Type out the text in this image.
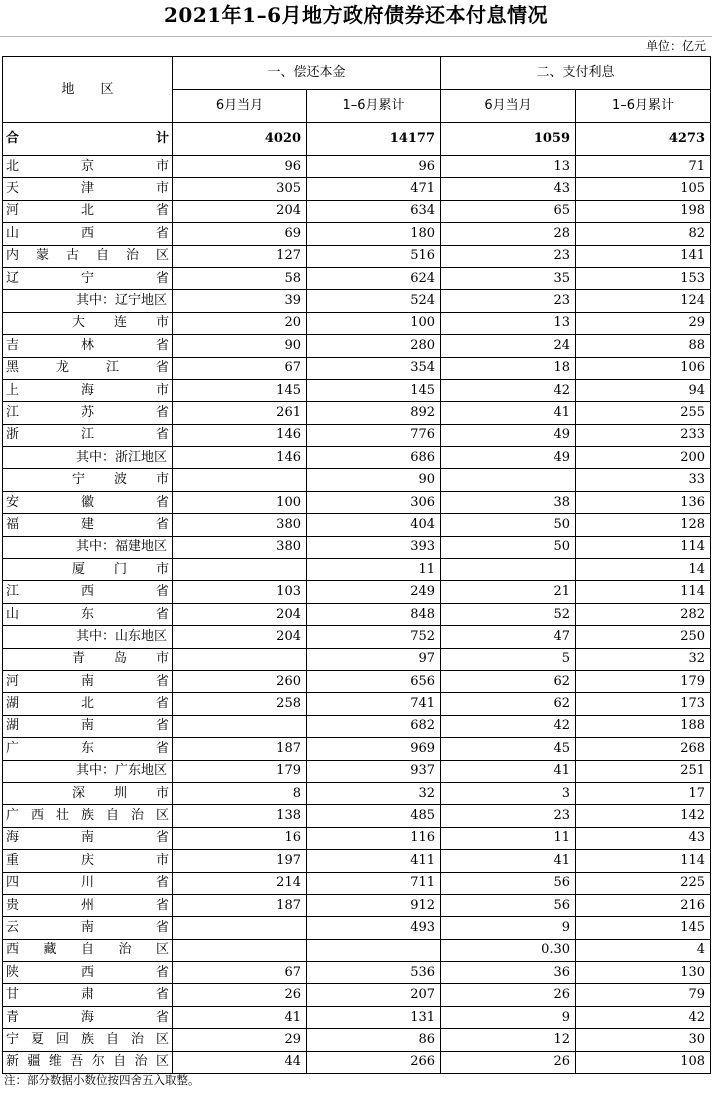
2021年1–6月地方政府债券还本付息情况
单位：亿元
地　　区	一、偿还本金		二、支付利息	
	6月当月	1–6月累计	6月当月	1–6月累计

合计	4020	14177	1059	4273

北京市	96	96	13	71

天津市	305	471	43	105

河北省	204	634	65	198

山西省	69	180	28	82

内蒙古自治区	127	516	23	141

辽宁省	58	624	35	153

其中：辽宁地区	39	524	23	124

大连市	20	100	13	29

吉林省	90	280	24	88

黑龙江省	67	354	18	106

上海市	145	145	42	94

江苏省	261	892	41	255

浙江省	146	776	49	233

其中：浙江地区	146	686	49	200

宁波市		90		33

安徽省	100	306	38	136

福建省	380	404	50	128

其中：福建地区	380	393	50	114

厦门市		11		14

江西省	103	249	21	114

山东省	204	848	52	282

其中：山东地区	204	752	47	250

青岛市		97	5	32

河南省	260	656	62	179

湖北省	258	741	62	173

湖南省		682	42	188

广东省	187	969	45	268

其中：广东地区	179	937	41	251

深圳市	8	32	3	17

广西壮族自治区	138	485	23	142

海南省	16	116	11	43

重庆市	197	411	41	114

四川省	214	711	56	225

贵州省	187	912	56	216

云南省		493	9	145

西藏自治区			0.30	4

陕西省	67	536	36	130

甘肃省	26	207	26	79

青海省	41	131	9	42

宁夏回族自治区	29	86	12	30

新疆维吾尔自治区	44	266	26	108
注：部分数据小数位按四舍五入取整。
